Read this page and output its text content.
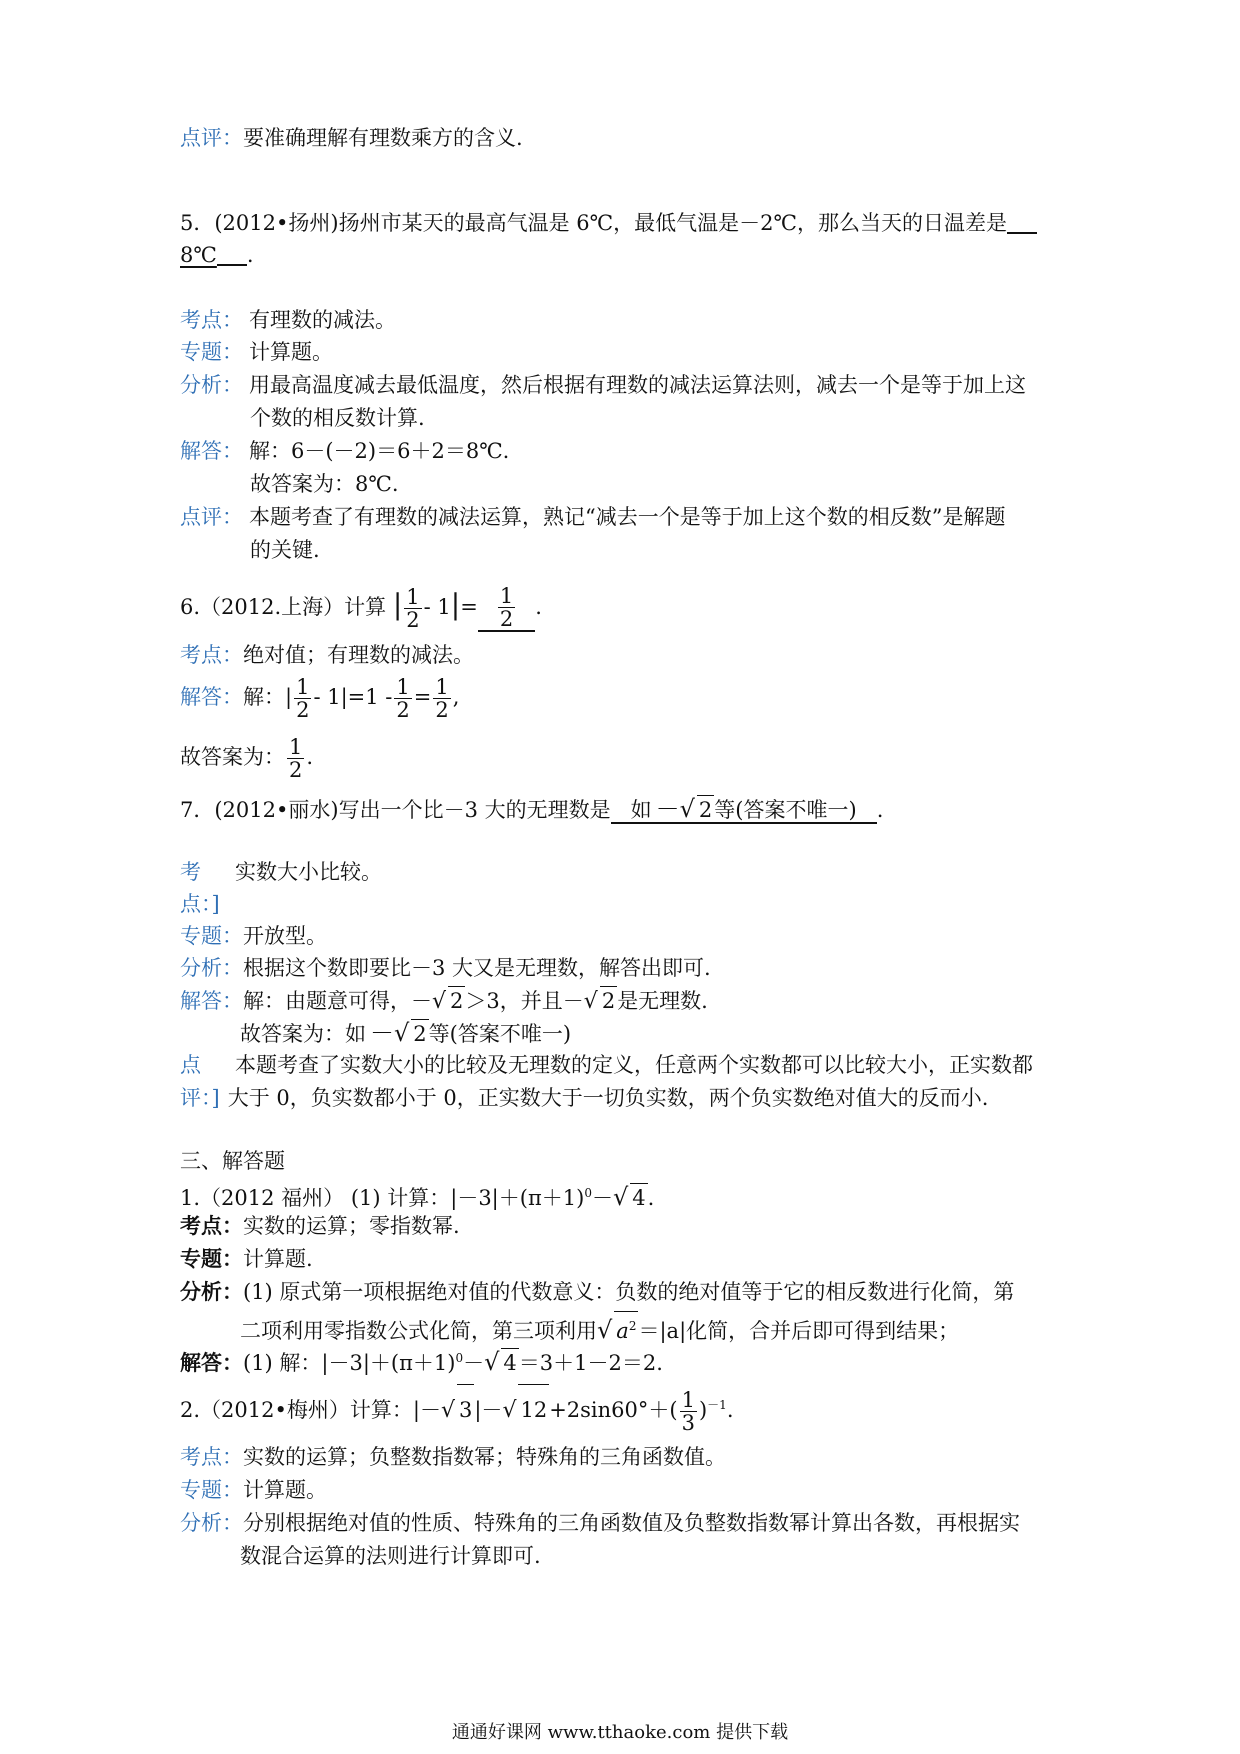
点评：要准确理解有理数乘方的含义.
5．(2012•扬州)扬州市某天的最高气温是 6℃，最低气温是－2℃，那么当天的日温差是
8℃ .
考点： 有理数的减法。
专题： 计算题。
分析： 用最高温度减去最低温度，然后根据有理数的减法运算法则，减去一个是等于加上这
个数的相反数计算.
解答： 解：6－(－2)＝6＋2＝8℃.
故答案为：8℃.
点评： 本题考查了有理数的减法运算，熟记“减去一个是等于加上这个数的相反数”是解题
的关键.
6.（2012.上海）计算 | $\frac{1}{2} - 1|= \frac{1}{2}$ .
考点：绝对值；有理数的减法。
解答：解：| $\frac{1}{2} - 1|=1 - \frac{1}{2} = \frac{1}{2}$ ,
故答案为： $\frac{1}{2}$ .
7．(2012•丽水)写出一个比－3 大的无理数是 如 －√ 2等(答案不唯一) .
考 实数大小比较。
点：]
专题：开放型。
分析：根据这个数即要比－3 大又是无理数，解答出即可.
解答：解：由题意可得，－√ 2＞3，并且－√ 2是无理数.
故答案为：如 －√ 2等(答案不唯一)
点 本题考查了实数大小的比较及无理数的定义，任意两个实数都可以比较大小，正实数都
评：] 大于 0，负实数都小于 0，正实数大于一切负实数，两个负实数绝对值大的反而小.
三、解答题
1.（2012 福州） (1) 计算：$|-3|+(\pi+1)^0-√$ 4.
考点：实数的运算；零指数幂.
专题：计算题.
分析：(1) 原式第一项根据绝对值的代数意义：负数的绝对值等于它的相反数进行化简，第
二项利用零指数公式化简，第三项利用√ $a^2=|a|$化简，合并后即可得到结果；
解答：(1) 解：$|-3|+(\pi+1)^0-√$ 4＝3＋1－2＝2.
2.（2012•梅州）计算：|－√ 3|－√ $12+2\sin 60^\circ+( \frac{1}{3} )^{-1}$.
考点：实数的运算；负整数指数幂；特殊角的三角函数值。
专题：计算题。
分析：分别根据绝对值的性质、特殊角的三角函数值及负整数指数幂计算出各数，再根据实
数混合运算的法则进行计算即可.
通通好课网 www.tthaoke.com 提供下载
